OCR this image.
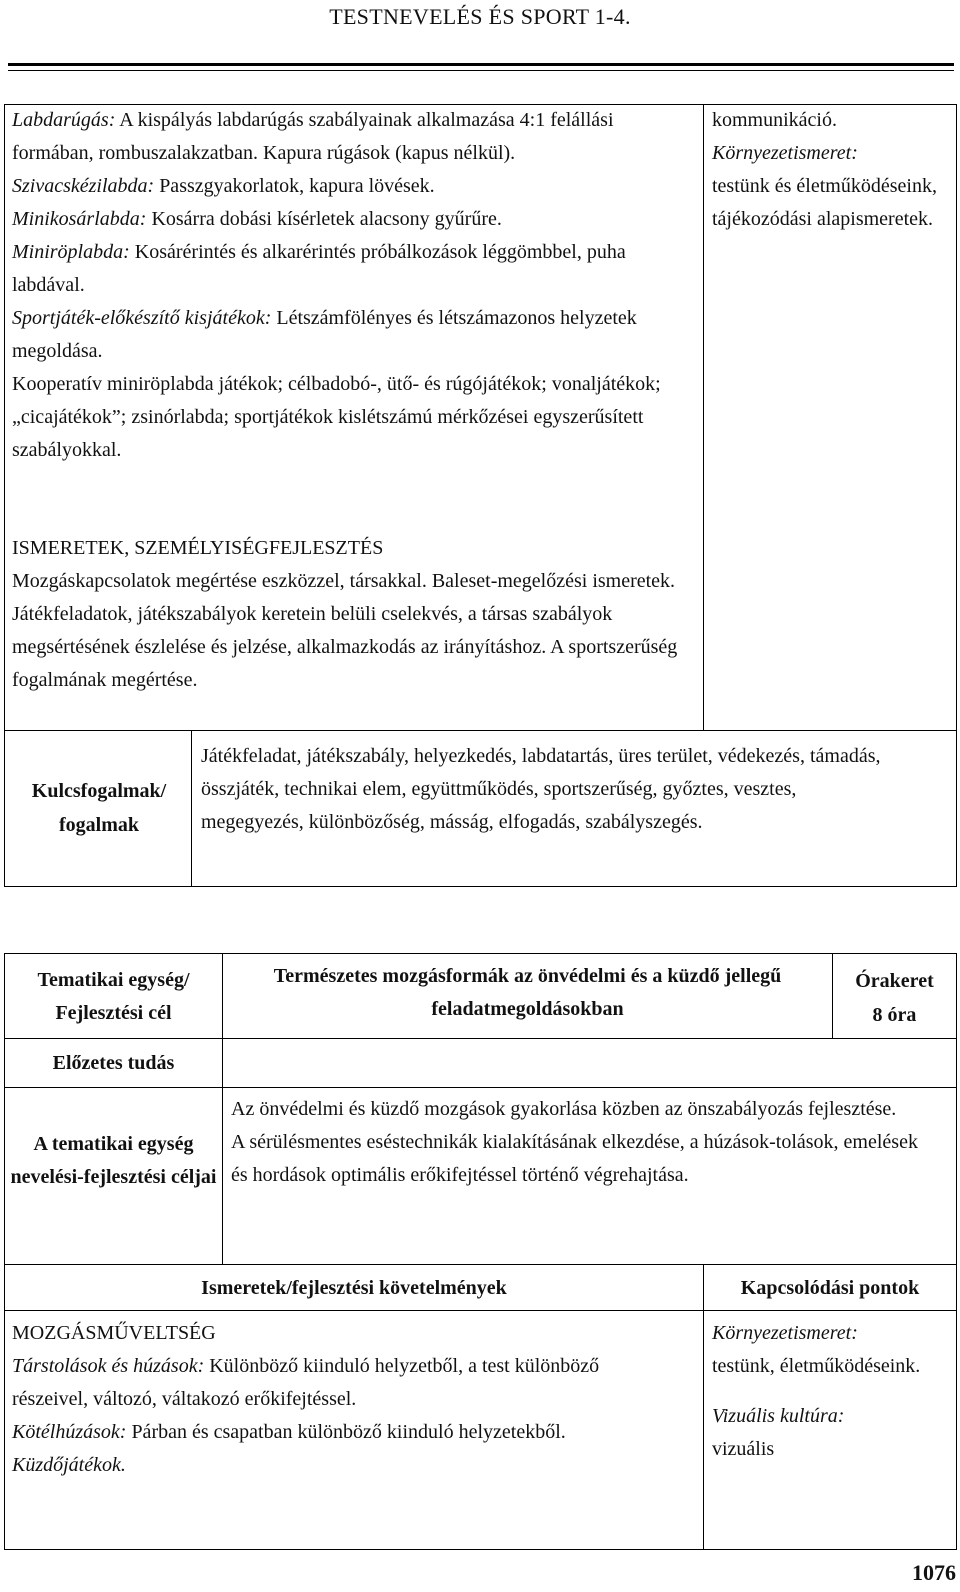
TESTNEVELÉS ÉS SPORT 1-4.

Labdarúgás: A kispályás labdarúgás szabályainak alkalmazása 4:1 felállási formában, rombuszalakzatban. Kapura rúgások (kapus nélkül).

Szivacskézilabda: Passzgyakorlatok, kapura lövések.

Minikosárlabda: Kosárra dobási kísérletek alacsony gyűrűre.

Miniröplabda: Kosárérintés és alkarérintés próbálkozások léggömbbel, puha labdával.

Sportjáték-előkészítő kisjátékok: Létszámfölényes és létszámazonos helyzetek megoldása.

Kooperatív miniröplabda játékok; célbadobó-, ütő- és rúgójátékok; vonaljátékok; „cicajátékok”; zsinórlabda; sportjátékok kislétszámú mérkőzései egyszerűsített szabályokkal.

ISMERETEK, SZEMÉLYISÉGFEJLESZTÉS

Mozgáskapcsolatok megértése eszközzel, társakkal. Baleset-megelőzési ismeretek.

Játékfeladatok, játékszabályok keretein belüli cselekvés, a társas szabályok megsértésének észlelése és jelzése, alkalmazkodás az irányításhoz. A sportszerűség fogalmának megértése.

kommunikáció.

Környezetismeret:

testünk és életműködéseink, tájékozódási alapismeretek.

Kulcsfogalmak/ fogalmak
Játékfeladat, játékszabály, helyezkedés, labdatartás, üres terület, védekezés, támadás, összjáték, technikai elem, együttműködés, sportszerűség, győztes, vesztes, megegyezés, különbözőség, másság, elfogadás, szabályszegés.
Tematikai egység/ Fejlesztési cél
Természetes mozgásformák az önvédelmi és a küzdő jellegű feladatmegoldásokban
Órakeret
8 óra
Előzetes tudás
A tematikai egység nevelési-fejlesztési céljai

Az önvédelmi és küzdő mozgások gyakorlása közben az önszabályozás fejlesztése.

A sérülésmentes eséstechnikák kialakításának elkezdése, a húzások-tolások, emelések és hordások optimális erőkifejtéssel történő végrehajtása.

Ismeretek/fejlesztési követelmények	Kapcsolódási pontok

MOZGÁSMŰVELTSÉG

Társtolások és húzások: Különböző kiinduló helyzetből, a test különböző részeivel, változó, váltakozó erőkifejtéssel.

Kötélhúzások: Párban és csapatban különböző kiinduló helyzetekből.

Küzdőjátékok.

Környezetismeret:

testünk, életműködéseink.

Vizuális kultúra:

vizuális

1076
